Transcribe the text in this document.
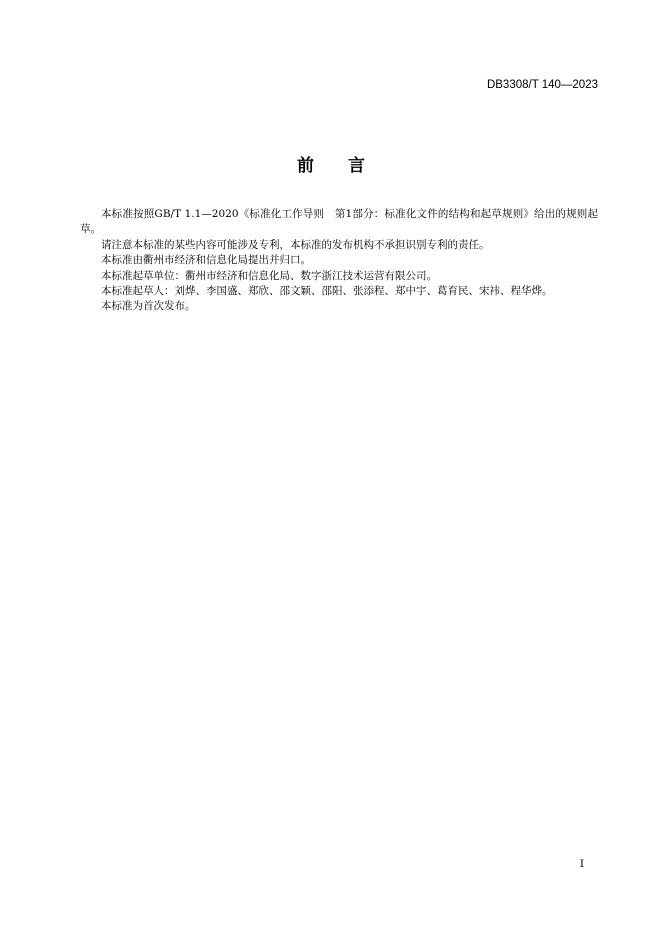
DB3308/T 140—2023
前言

本标准按照GB/T 1.1—2020《标准化工作导则　第1部分：标准化文件的结构和起草规则》给出的规则起草。

请注意本标准的某些内容可能涉及专利，本标准的发布机构不承担识别专利的责任。

本标准由衢州市经济和信息化局提出并归口。

本标准起草单位：衢州市经济和信息化局、数字浙江技术运营有限公司。

本标准起草人：刘烨、李国盛、郑欣、邵文颖、邵阳、张添程、郑中宇、葛育民、宋祎、程华烨。

本标准为首次发布。

I
